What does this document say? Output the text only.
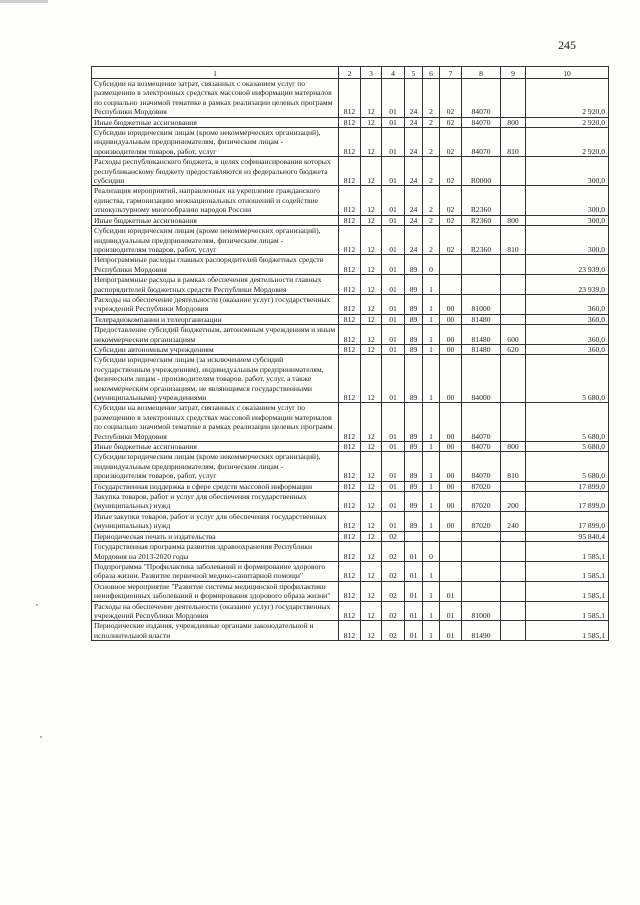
245
1	2	3	4	5	6	7	8	9	10
Субсидии на возмещение затрат, связанных с оказанием услуг по размещению в электронных средствах массовой информации материалов по социально значимой тематике в рамках реализации целевых программ Республики Мордовия	812	12	01	24	2	02	84070		2 920,0
Иные бюджетные ассигнования	812	12	01	24	2	02	84070	800	2 920,0
Субсидии юридическим лицам (кроме некоммерческих организаций), индивидуальным предпринимателям, физическим лицам - производителям товаров, работ, услуг	812	12	01	24	2	02	84070	810	2 920,0
Расходы республиканского бюджета, в целях софинансирования которых республиканскому бюджету предоставляются из федерального бюджета субсидии	812	12	01	24	2	02	R0000		300,0
Реализация мероприятий, направленных на укрепление гражданского единства, гармонизацию межнациональных отношений и содействие этнокультурному многообразию народов России	812	12	01	24	2	02	R2360		300,0
Иные бюджетные ассигнования	812	12	01	24	2	02	R2360	800	300,0
Субсидии юридическим лицам (кроме некоммерческих организаций), индивидуальным предпринимателям, физическим лицам - производителям товаров, работ, услуг	812	12	01	24	2	02	R2360	810	300,0
Непрограммные расходы главных распорядителей бюджетных средств Республики Мордовия	812	12	01	89	0				23 939,0
Непрограммные расходы в рамках обеспечения деятельности главных распорядителей бюджетных средств Республики Мордовия	812	12	01	89	1				23 939,0
Расходы на обеспечение деятельности (оказание услуг) государственных учреждений Республики Мордовия	812	12	01	89	1	00	81000		360,0
Телерадиокомпании и телеорганизации	812	12	01	89	1	00	81480		360,0
Предоставление субсидий бюджетным, автономным учреждениям и иным некоммерческим организациям	812	12	01	89	1	00	81480	600	360,0
Субсидии автономным учреждениям	812	12	01	89	1	00	81480	620	360,0
Субсидии юридическим лицам (за исключением субсидий государственным учреждениям), индивидуальным предпринимателям, физическим лицам - производителям товаров, работ, услуг, а также некоммерческим организациям, не являющимся государственными (муниципальными) учреждениями	812	12	01	89	1	00	84000		5 680,0
Субсидии на возмещение затрат, связанных с оказанием услуг по размещению в электронных средствах массовой информации материалов по социально значимой тематике в рамках реализации целевых программ Республики Мордовия	812	12	01	89	1	00	84070		5 680,0
Иные бюджетные ассигнования	812	12	01	89	1	00	84070	800	5 680,0
Субсидии юридическим лицам (кроме некоммерческих организаций), индивидуальным предпринимателям, физическим лицам - производителям товаров, работ, услуг	812	12	01	89	1	00	84070	810	5 680,0
Государственная поддержка в сфере средств массовой информации	812	12	01	89	1	00	87020		17 899,0
Закупка товаров, работ и услуг для обеспечения государственных (муниципальных) нужд	812	12	01	89	1	00	87020	200	17 899,0
Иные закупки товаров, работ и услуг для обеспечения государственных (муниципальных) нужд	812	12	01	89	1	00	87020	240	17 899,0
Периодическая печать и издательства	812	12	02						95 840,4
Государственная программа развития здравоохранения Республики Мордовия на 2013-2020 годы	812	12	02	01	0				1 585,1
Подпрограмма "Профилактика заболеваний и формирование здорового образа жизни. Развитие первичной медико-санитарной помощи"	812	12	02	01	1				1 585,1
Основное мероприятие "Развитие системы медицинской профилактики неинфекционных заболеваний и формирования здорового образа жизни"	812	12	02	01	1	01			1 585,1
Расходы на обеспечение деятельности (оказание услуг) государственных учреждений Республики Мордовия	812	12	02	01	1	01	81000		1 585,1
Периодические издания, учрежденные органами законодательной и исполнительной власти	812	12	02	01	1	01	81490		1 585,1
